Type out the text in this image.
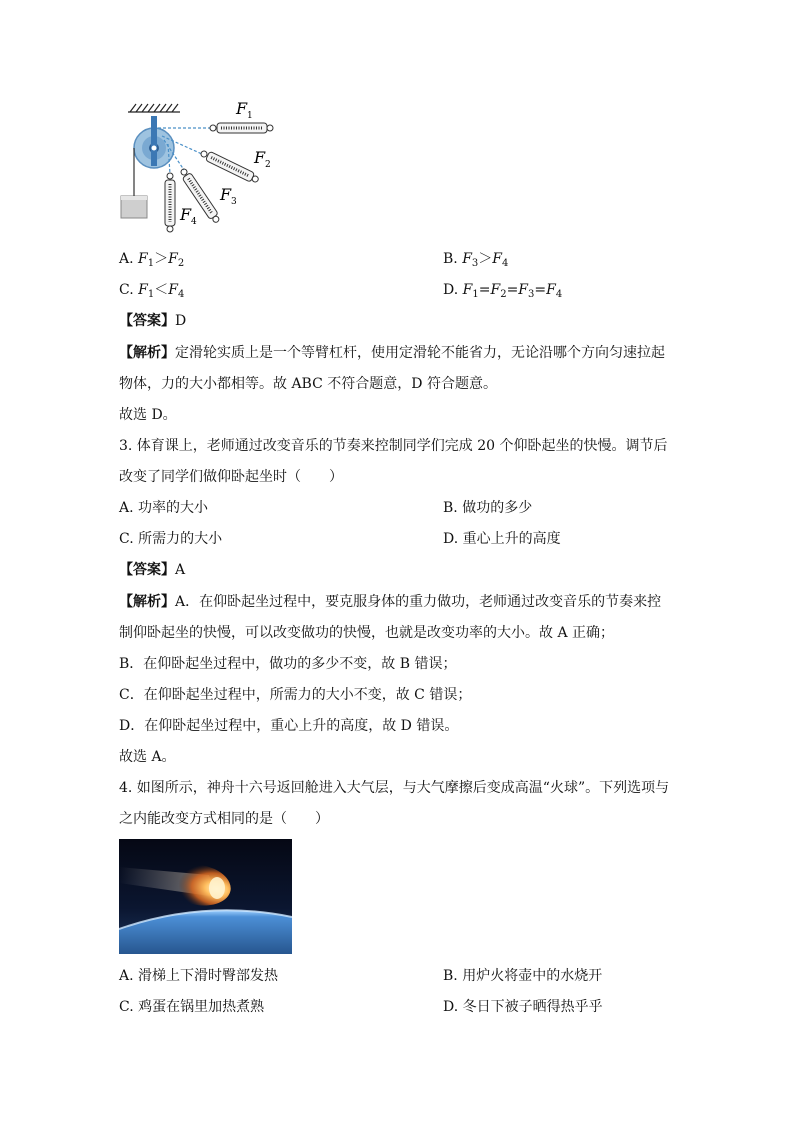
F 1
F 2
F 3
F 4
A. $F_1>F_2$	B. $F_3>F_4$
C. $F_1<F_4$	D. $F_1=F_2=F_3=F_4$
【答案】D
【解析】定滑轮实质上是一个等臂杠杆，使用定滑轮不能省力，无论沿哪个方向匀速拉起
物体，力的大小都相等。故 ABC 不符合题意，D 符合题意。
故选 D。
3. 体育课上，老师通过改变音乐的节奏来控制同学们完成 20 个仰卧起坐的快慢。调节后
改变了同学们做仰卧起坐时（　　）
A. 功率的大小	B. 做功的多少
C. 所需力的大小	D. 重心上升的高度
【答案】A
【解析】A．在仰卧起坐过程中，要克服身体的重力做功，老师通过改变音乐的节奏来控
制仰卧起坐的快慢，可以改变做功的快慢，也就是改变功率的大小。故 A 正确；
B．在仰卧起坐过程中，做功的多少不变，故 B 错误；
C．在仰卧起坐过程中，所需力的大小不变，故 C 错误；
D．在仰卧起坐过程中，重心上升的高度，故 D 错误。
故选 A。
4. 如图所示，神舟十六号返回舱进入大气层，与大气摩擦后变成高温“火球”。下列选项与
之内能改变方式相同的是（　　）
A. 滑梯上下滑时臀部发热	B. 用炉火将壶中的水烧开
C. 鸡蛋在锅里加热煮熟	D. 冬日下被子晒得热乎乎
